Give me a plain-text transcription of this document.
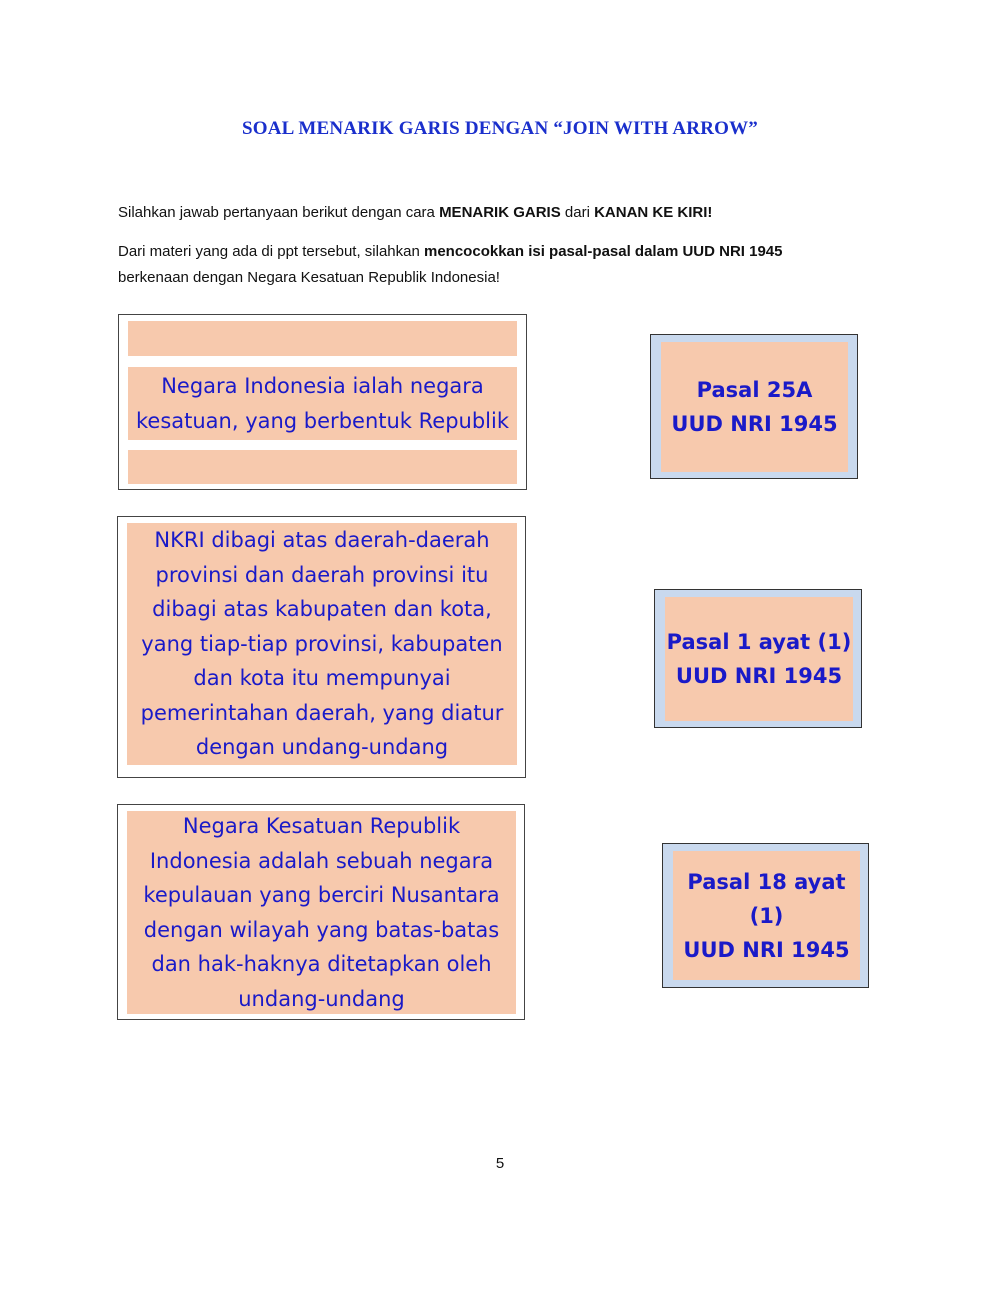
SOAL MENARIK GARIS DENGAN “JOIN WITH ARROW”
Silahkan jawab pertanyaan berikut dengan cara MENARIK GARIS dari KANAN KE KIRI!
Dari materi yang ada di ppt tersebut, silahkan mencocokkan isi pasal-pasal dalam UUD NRI 1945
berkenaan dengan Negara Kesatuan Republik Indonesia!
Negara Indonesia ialah negara kesatuan, yang berbentuk Republik
NKRI dibagi atas daerah-daerah provinsi dan daerah provinsi itu dibagi atas kabupaten dan kota, yang tiap-tiap provinsi, kabupaten dan kota itu mempunyai pemerintahan daerah, yang diatur dengan undang-undang
Negara Kesatuan Republik Indonesia adalah sebuah negara kepulauan yang berciri Nusantara dengan wilayah yang batas-batas dan hak-haknya ditetapkan oleh undang-undang
Pasal 25A
UUD NRI 1945
Pasal 1 ayat (1)
UUD NRI 1945
Pasal 18 ayat (1)
UUD NRI 1945
5
